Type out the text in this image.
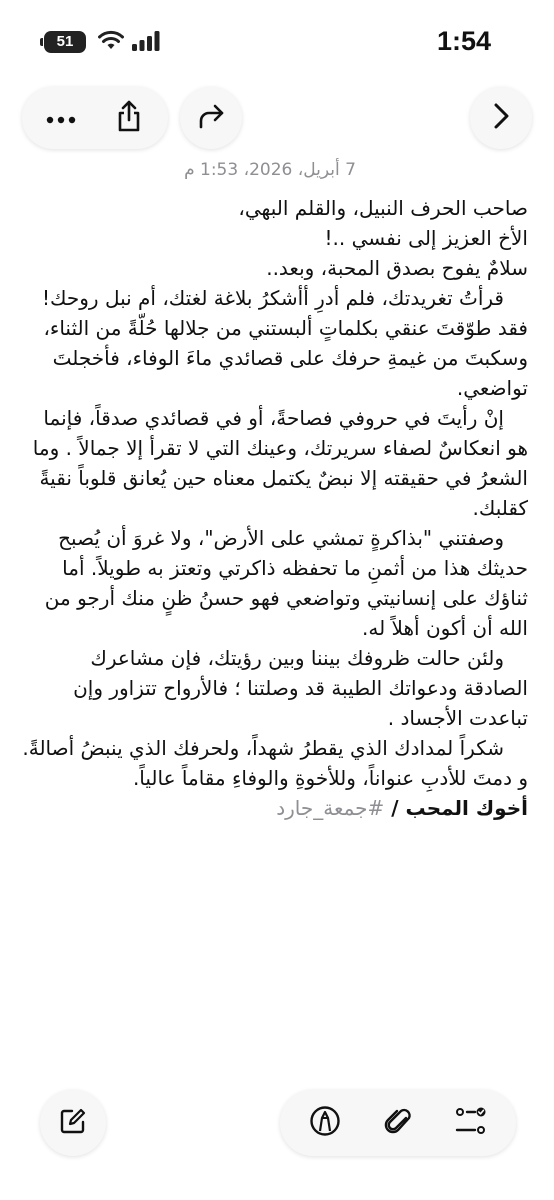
51	1:54
7 أبريل، 2026، 1:53 م

صاحب الحرف النبيل، والقلم البهي،

الأخ العزيز إلى نفسي ..!

سلامٌ يفوح بصدق المحبة، وبعد..

قرأتُ تغريدتك، فلم أدرِ أأشكرُ بلاغة لغتك، أم نبل روحك! فقد طوّقتَ عنقي بكلماتٍ ألبستني من جلالها حُلّةً من الثناء، وسكبتَ من غيمةِ حرفك على قصائدي ماءَ الوفاء، فأخجلتَ تواضعي.

إنْ رأيتَ في حروفي فصاحةً، أو في قصائدي صدقاً، فإنما هو انعكاسٌ لصفاء سريرتك، وعينك التي لا تقرأ إلا جمالاً . وما الشعرُ في حقيقته إلا نبضٌ يكتمل معناه حين يُعانق قلوباً نقيةً كقلبك.

وصفتني "بذاكرةٍ تمشي على الأرض"، ولا غروَ أن يُصبح حديثك هذا من أثمنِ ما تحفظه ذاكرتي وتعتز به طويلاً. أما ثناؤك على إنسانيتي وتواضعي فهو حسنُ ظنٍ منك أرجو من الله أن أكون أهلاً له.

ولئن حالت ظروفك بيننا وبين رؤيتك، فإن مشاعرك الصادقة ودعواتك الطيبة قد وصلتنا ؛ فالأرواح تتزاور وإن تباعدت الأجساد .

شكراً لمدادك الذي يقطرُ شهداً، ولحرفك الذي ينبضُ أصالةً. و دمتَ للأدبِ عنواناً، وللأخوةِ والوفاءِ مقاماً عالياً.

أخوك المحب / #جمعة_جارد
